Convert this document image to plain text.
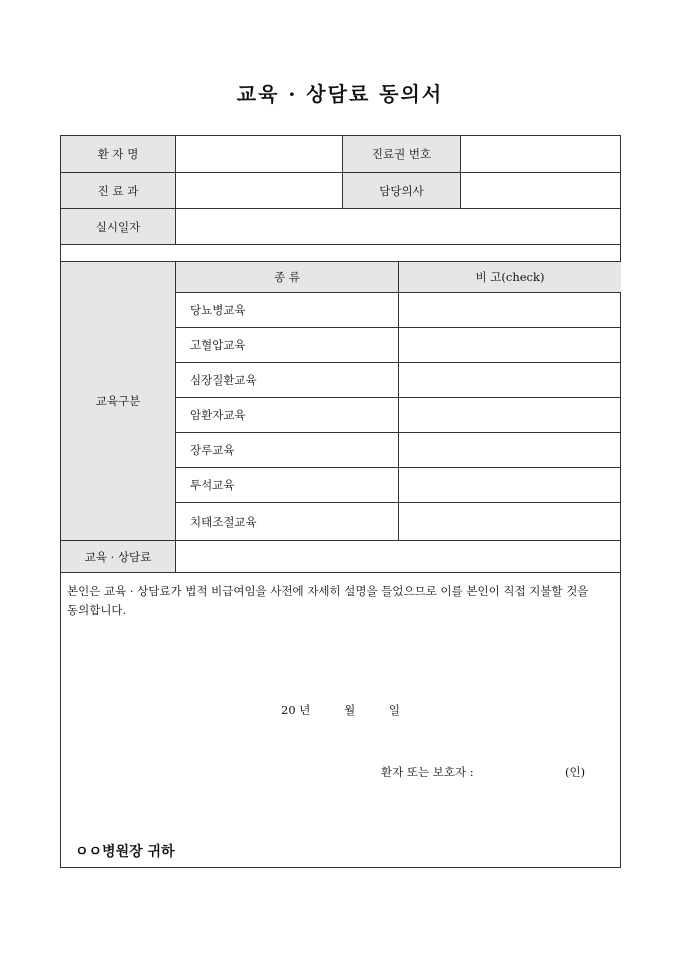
교육 · 상담료 동의서
환 자 명	진료권 번호
진 료 과	담당의사
실시일자
교육구분
종 류	비 고(check)
당뇨병교육
고혈압교육
심장질환교육
암환자교육
장루교육
투석교육
치태조절교육
교육 · 상담료
본인은 교육 · 상담료가 법적 비급여임을 사전에 자세히 설명을 들었으므로 이를 본인이 직접 지불할 것을 동의합니다.
20 년	월	일
환자 또는 보호자 :	(인)
ㅇㅇ병원장 귀하
